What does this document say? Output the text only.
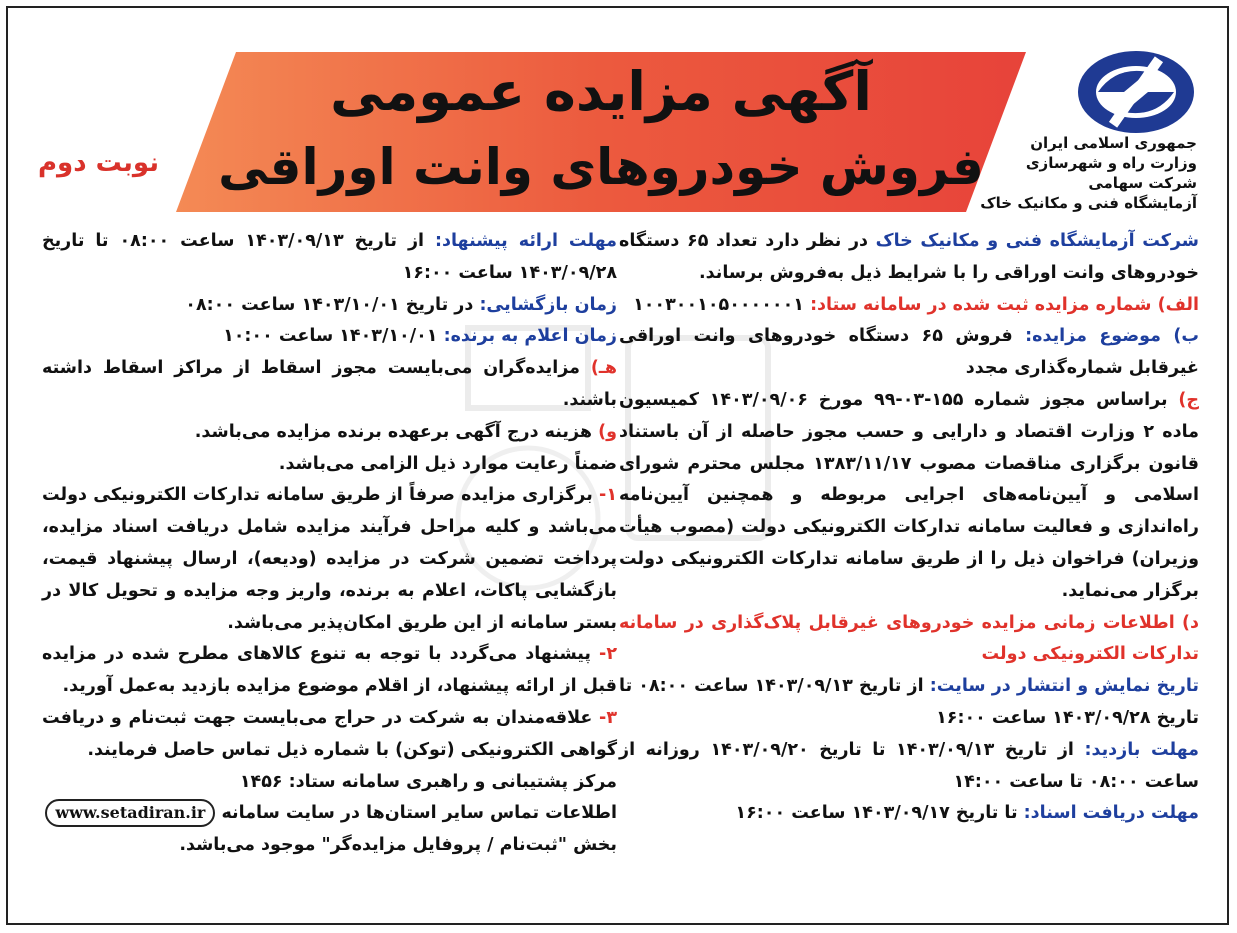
جمهوری اسلامی ایران
وزارت راه و شهرسازی
شرکت سهامی
آزمایشگاه فنی و مکانیک خاک
آگهی مزایده عمومی
فروش خودروهای وانت اوراقی
نوبت دوم

شرکت آزمایشگاه فنی و مکانیک خاک در نظر دارد تعداد ۶۵ دستگاه خودروهای وانت اوراقی را با شرایط ذیل به‌فروش برساند.

الف) شماره مزایده ثبت شده در سامانه ستاد: ۱۰۰۳۰۰۱۰۵۰۰۰۰۰۰۱

ب) موضوع مزایده: فروش ۶۵ دستگاه خودروهای وانت اوراقی غیرقابل شماره‌گذاری مجدد

ج) براساس مجوز شماره ۱۵۵-۰۳-۹۹ مورخ ۱۴۰۳/۰۹/۰۶ کمیسیون ماده ۲ وزارت اقتصاد و دارایی و حسب مجوز حاصله از آن باستناد قانون برگزاری مناقصات مصوب ۱۳۸۳/۱۱/۱۷ مجلس محترم شورای اسلامی و آیین‌نامه‌های اجرایی مربوطه و همچنین آیین‌نامه راه‌اندازی و فعالیت سامانه تدارکات الکترونیکی دولت (مصوب هیأت وزیران) فراخوان ذیل را از طریق سامانه تدارکات الکترونیکی دولت برگزار می‌نماید.

د) اطلاعات زمانی مزایده خودروهای غیرقابل پلاک‌گذاری در سامانه تدارکات الکترونیکی دولت

تاریخ نمایش و انتشار در سایت: از تاریخ ۱۴۰۳/۰۹/۱۳ ساعت ۰۸:۰۰ تا تاریخ ۱۴۰۳/۰۹/۲۸ ساعت ۱۶:۰۰

مهلت بازدید: از تاریخ ۱۴۰۳/۰۹/۱۳ تا تاریخ ۱۴۰۳/۰۹/۲۰ روزانه از ساعت ۰۸:۰۰ تا ساعت ۱۴:۰۰

مهلت دریافت اسناد: تا تاریخ ۱۴۰۳/۰۹/۱۷ ساعت ۱۶:۰۰

مهلت ارائه پیشنهاد: از تاریخ ۱۴۰۳/۰۹/۱۳ ساعت ۰۸:۰۰ تا تاریخ ۱۴۰۳/۰۹/۲۸ ساعت ۱۶:۰۰

زمان بازگشایی: در تاریخ ۱۴۰۳/۱۰/۰۱ ساعت ۰۸:۰۰

زمان اعلام به برنده: ۱۴۰۳/۱۰/۰۱ ساعت ۱۰:۰۰

هـ) مزایده‌گران می‌بایست مجوز اسقاط از مراکز اسقاط داشته باشند.

و) هزینه درج آگهی برعهده برنده مزایده می‌باشد.

ضمناً رعایت موارد ذیل الزامی می‌باشد.

۱- برگزاری مزایده صرفاً از طریق سامانه تدارکات الکترونیکی دولت می‌باشد و کلیه مراحل فرآیند مزایده شامل دریافت اسناد مزایده، پرداخت تضمین شرکت در مزایده (ودیعه)، ارسال پیشنهاد قیمت، بازگشایی پاکات، اعلام به برنده، واریز وجه مزایده و تحویل کالا در بستر سامانه از این طریق امکان‌پذیر می‌باشد.

۲- پیشنهاد می‌گردد با توجه به تنوع کالاهای مطرح شده در مزایده قبل از ارائه پیشنهاد، از اقلام موضوع مزایده بازدید به‌عمل آورید.

۳- علاقه‌مندان به شرکت در حراج می‌بایست جهت ثبت‌نام و دریافت گواهی الکترونیکی (توکن) با شماره ذیل تماس حاصل فرمایند.

مرکز پشتیبانی و راهبری سامانه ستاد: ۱۴۵۶

اطلاعات تماس سایر استان‌ها در سایت سامانه www.setadiran.ir

بخش "ثبت‌نام / پروفایل مزایده‌گر" موجود می‌باشد.
